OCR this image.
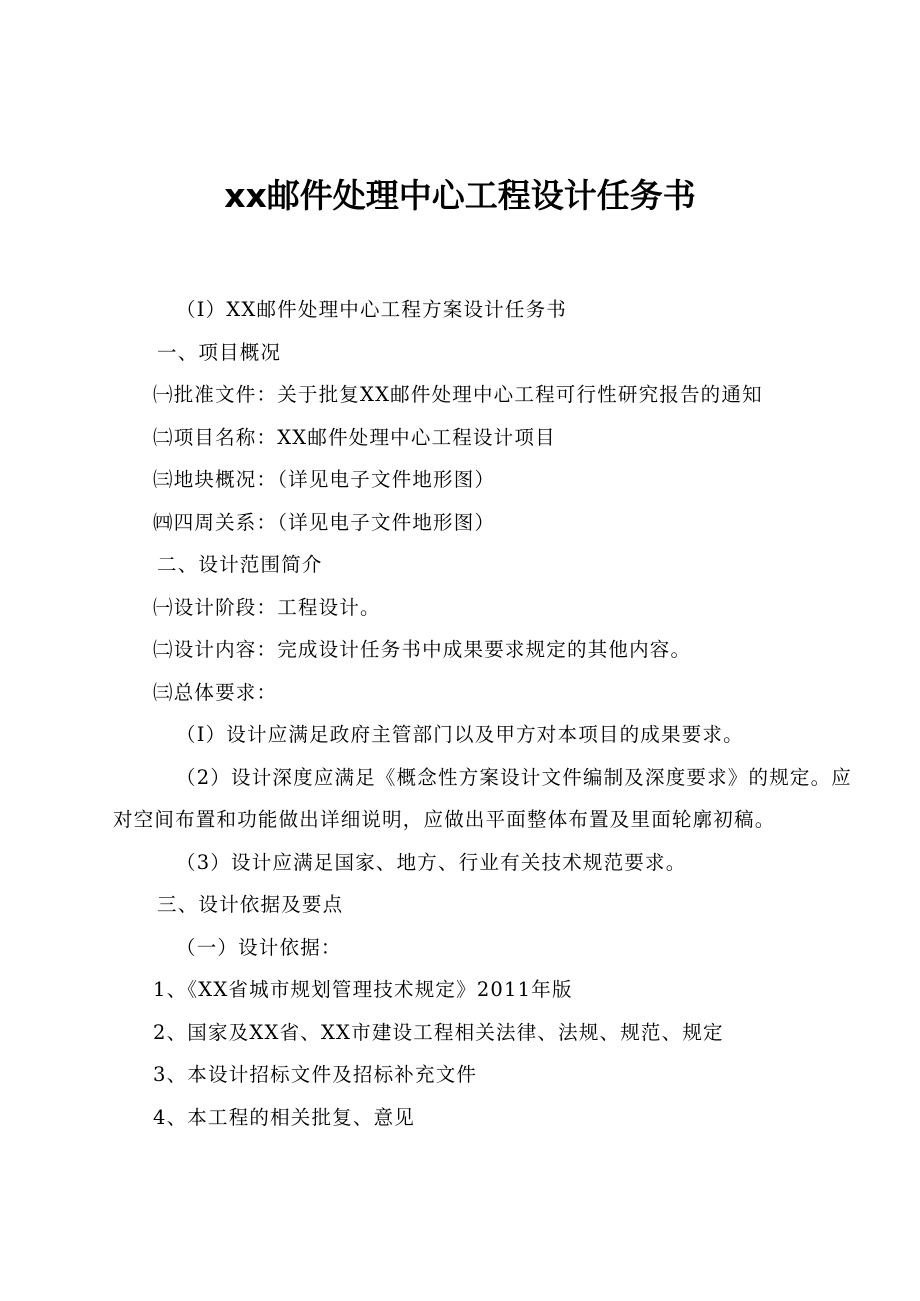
xx邮件处理中心工程设计任务书
（I）XX邮件处理中心工程方案设计任务书
一、项目概况
㈠批准文件：关于批复XX邮件处理中心工程可行性研究报告的通知
㈡项目名称：XX邮件处理中心工程设计项目
㈢地块概况：（详见电子文件地形图）
㈣四周关系：（详见电子文件地形图）
二、设计范围简介
㈠设计阶段：工程设计。
㈡设计内容：完成设计任务书中成果要求规定的其他内容。
㈢总体要求：
（I）设计应满足政府主管部门以及甲方对本项目的成果要求。
（2）设计深度应满足《概念性方案设计文件编制及深度要求》的规定。应
对空间布置和功能做出详细说明，应做出平面整体布置及里面轮廓初稿。
（3）设计应满足国家、地方、行业有关技术规范要求。
三、设计依据及要点
（一）设计依据：
1、《XX省城市规划管理技术规定》2011年版
2、国家及XX省、XX市建设工程相关法律、法规、规范、规定
3、本设计招标文件及招标补充文件
4、本工程的相关批复、意见
